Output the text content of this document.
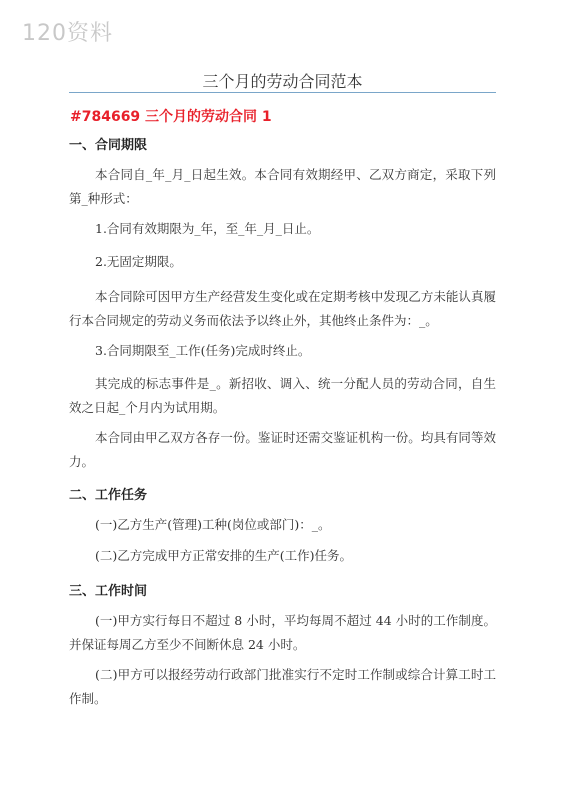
120资料
三个月的劳动合同范本
#784669 三个月的劳动合同 1
一、合同期限
本合同自_年_月_日起生效。本合同有效期经甲、乙双方商定，采取下列第_种形式：
1.合同有效期限为_年，至_年_月_日止。
2.无固定期限。
本合同除可因甲方生产经营发生变化或在定期考核中发现乙方未能认真履行本合同规定的劳动义务而依法予以终止外，其他终止条件为：_。
3.合同期限至_工作(任务)完成时终止。
其完成的标志事件是_。新招收、调入、统一分配人员的劳动合同，自生效之日起_个月内为试用期。
本合同由甲乙双方各存一份。鉴证时还需交鉴证机构一份。均具有同等效力。
二、工作任务
(一)乙方生产(管理)工种(岗位或部门)：_。
(二)乙方完成甲方正常安排的生产(工作)任务。
三、工作时间
(一)甲方实行每日不超过 8 小时，平均每周不超过 44 小时的工作制度。并保证每周乙方至少不间断休息 24 小时。
(二)甲方可以报经劳动行政部门批准实行不定时工作制或综合计算工时工作制。
